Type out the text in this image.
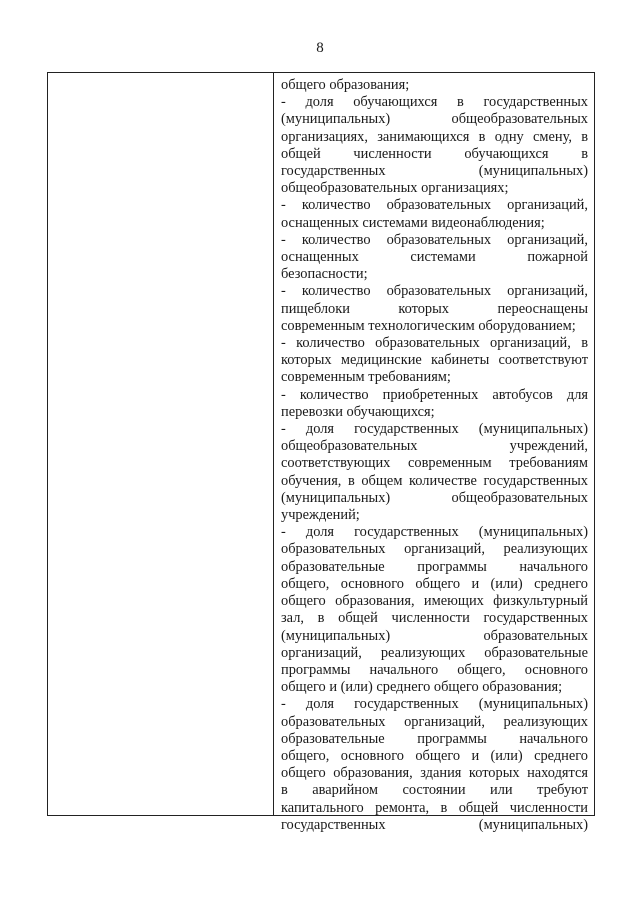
8
общего образования;
- доля обучающихся в государственных
(муниципальных) общеобразовательных
организациях, занимающихся в одну смену, в
общей численности обучающихся в
государственных (муниципальных)
общеобразовательных организациях;
- количество образовательных организаций,
оснащенных системами видеонаблюдения;
- количество образовательных организаций,
оснащенных системами пожарной
безопасности;
- количество образовательных организаций,
пищеблоки которых переоснащены
современным технологическим оборудованием;
- количество образовательных организаций, в
которых медицинские кабинеты соответствуют
современным требованиям;
- количество приобретенных автобусов для
перевозки обучающихся;
- доля государственных (муниципальных)
общеобразовательных учреждений,
соответствующих современным требованиям
обучения, в общем количестве государственных
(муниципальных) общеобразовательных
учреждений;
- доля государственных (муниципальных)
образовательных организаций, реализующих
образовательные программы начального
общего, основного общего и (или) среднего
общего образования, имеющих физкультурный
зал, в общей численности государственных
(муниципальных) образовательных
организаций, реализующих образовательные
программы начального общего, основного
общего и (или) среднего общего образования;
- доля государственных (муниципальных)
образовательных организаций, реализующих
образовательные программы начального
общего, основного общего и (или) среднего
общего образования, здания которых находятся
в аварийном состоянии или требуют
капитального ремонта, в общей численности
государственных (муниципальных)
